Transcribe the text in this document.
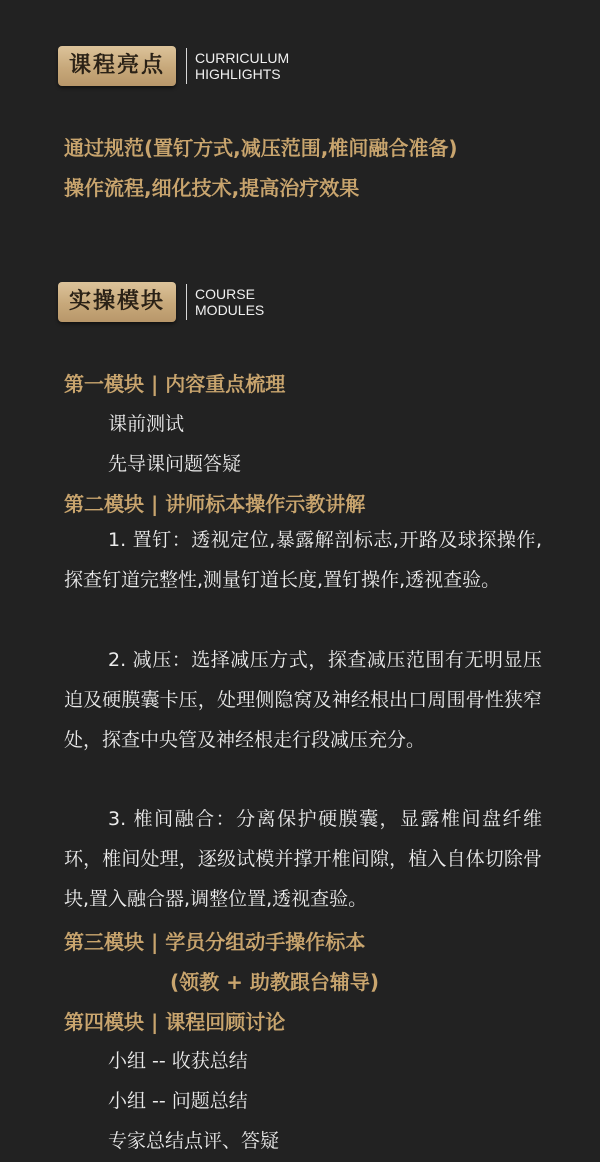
课程亮点	CURRICULUM
HIGHLIGHTS
通过规范(置钉方式,减压范围,椎间融合准备)
操作流程,细化技术,提高治疗效果
实操模块	COURSE
MODULES
第一模块 | 内容重点梳理
课前测试
先导课问题答疑
第二模块 | 讲师标本操作示教讲解
1. 置钉：透视定位,暴露解剖标志,开路及球探操作,探查钉道完整性,测量钉道长度,置钉操作,透视查验。
2. 减压：选择减压方式，探查减压范围有无明显压迫及硬膜囊卡压，处理侧隐窝及神经根出口周围骨性狭窄处，探查中央管及神经根走行段减压充分。
3. 椎间融合：分离保护硬膜囊，显露椎间盘纤维环，椎间处理，逐级试模并撑开椎间隙，植入自体切除骨块,置入融合器,调整位置,透视查验。
第三模块 | 学员分组动手操作标本
(领教 + 助教跟台辅导)
第四模块 | 课程回顾讨论
小组 -- 收获总结
小组 -- 问题总结
专家总结点评、答疑
